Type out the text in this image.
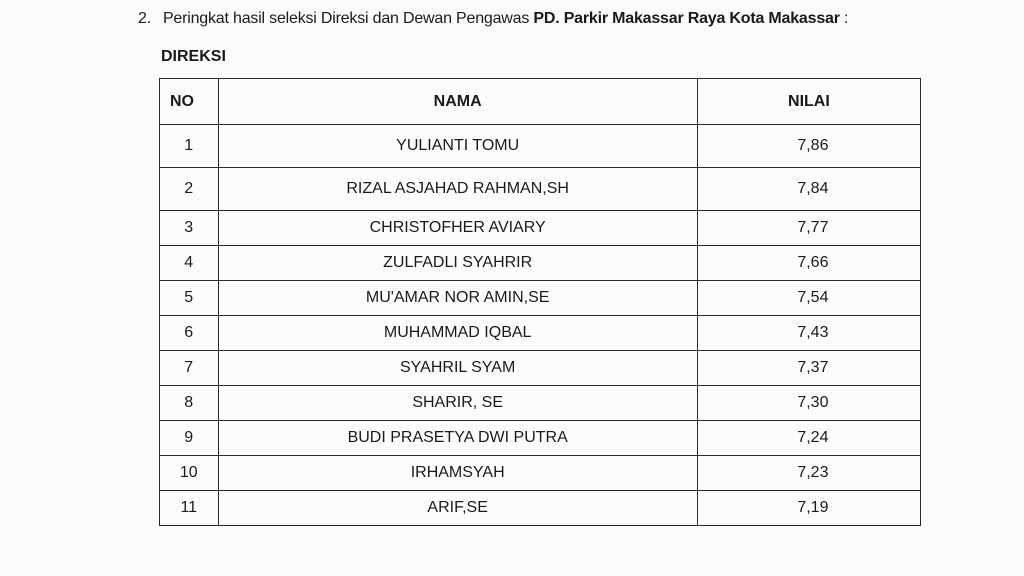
2. Peringkat hasil seleksi Direksi dan Dewan Pengawas PD. Parkir Makassar Raya Kota Makassar :
DIREKSI
NO	NAMA	NILAI
1	YULIANTI TOMU	7,86
2	RIZAL ASJAHAD RAHMAN,SH	7,84
3	CHRISTOFHER AVIARY	7,77
4	ZULFADLI SYAHRIR	7,66
5	MU'AMAR NOR AMIN,SE	7,54
6	MUHAMMAD IQBAL	7,43
7	SYAHRIL SYAM	7,37
8	SHARIR, SE	7,30
9	BUDI PRASETYA DWI PUTRA	7,24
10	IRHAMSYAH	7,23
11	ARIF,SE	7,19
